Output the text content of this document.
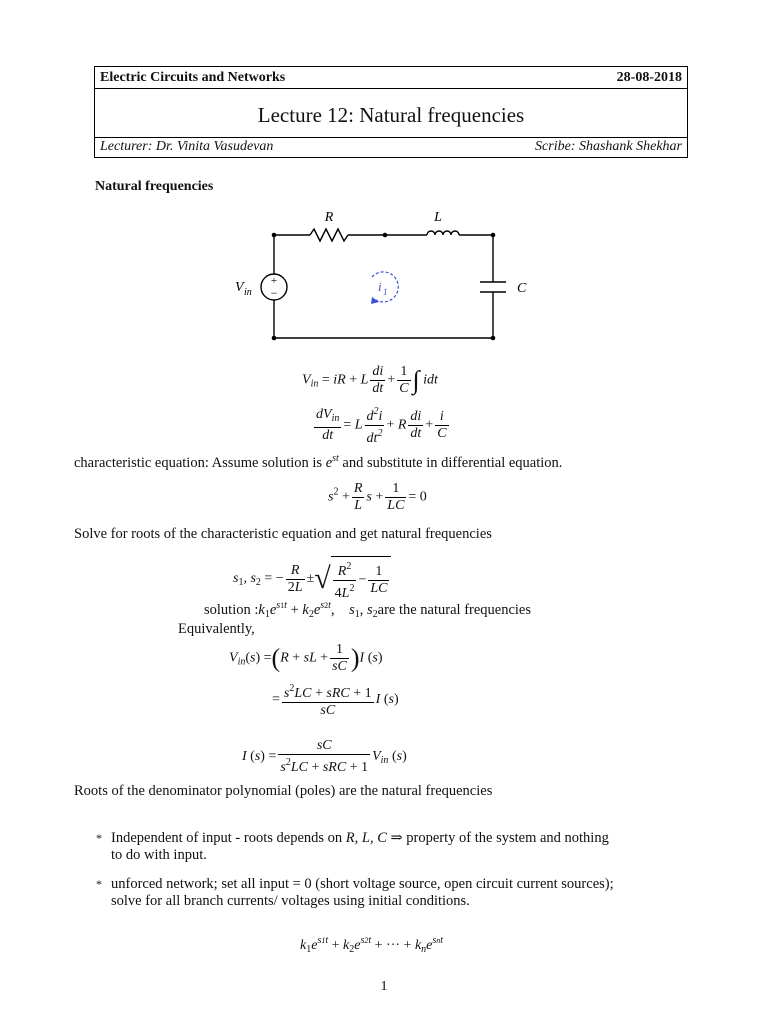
Electric Circuits and Networks	28-08-2018
Lecture 12: Natural frequencies
Lecturer: Dr. Vinita Vasudevan	Scribe: Shashank Shekhar
Natural frequencies
+
−
R	L
C
V in	i 1
$V_{in}$ = iR + L $\frac{di}{dt} + \frac{1}{C}$ ∫ idt
$\frac{dV_{in}}{dt} = L \frac{d^2i}{dt^2} + R \frac{di}{dt} + \frac{i}{C}$
characteristic equation: Assume solution is $e^{st}$ and substitute in differential equation.
$s^2 + \frac{R}{L}$ $s + \frac{1}{LC} = 0$
Solve for roots of the characteristic equation and get natural frequencies
$s_1$, $s_2$ = − $\frac{R}{2L}$ ±√ $\frac{R^2}{4L^2} - \frac{1}{LC}$
solution $:k_1e^{s1t} + k_2e^{s2t}$,    $s_1$, $s_2are$ the natural frequencies
Equivalently,
$V_{in}(s) =(R$ + sL + $\frac{1}{sC} )I$ (s)
= $\frac{s^2LC + sRC + 1}{sC}$ I (s)
I $(s) = \frac{sC}{s^2LC + sRC + 1} V_{in}$ (s)
Roots of the denominator polynomial (poles) are the natural frequencies
* Independent of input - roots depends on R, L, C ⇒ property of the system and nothing
to do with input.
* unforced network; set all input = 0 (short voltage source, open circuit current sources);
solve for all branch currents/ voltages using initial conditions.
$k_1e^{s1t} + k_2e^{s2t}$ + ··· + $k_ne^{snt}$
1
